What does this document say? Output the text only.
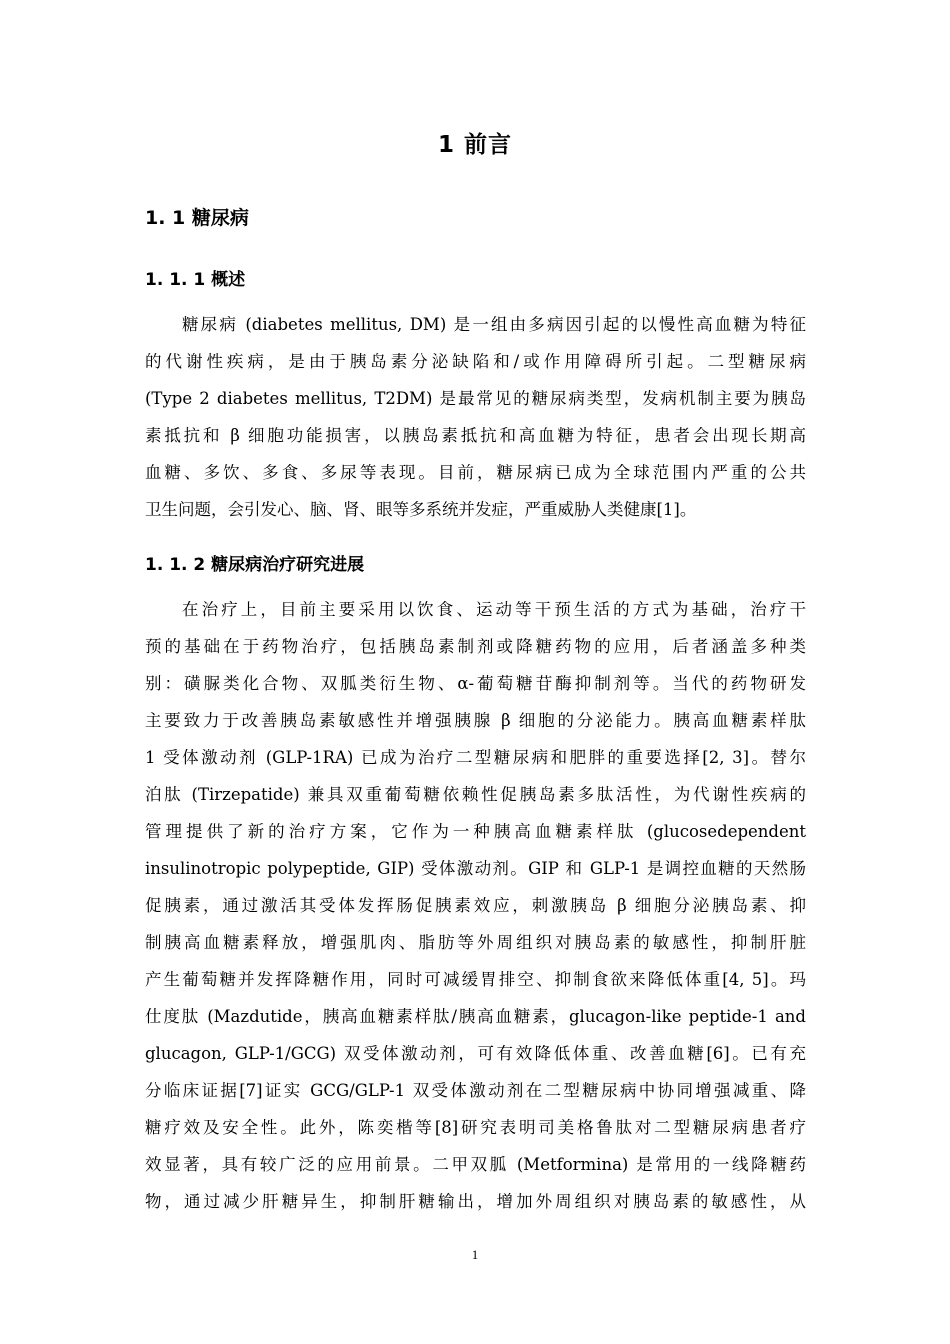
1 前言
1. 1 糖尿病
1. 1. 1 概述
糖尿病 (diabetes mellitus, DM) 是一组由多病因引起的以慢性高血糖为特征
的代谢性疾病，是由于胰岛素分泌缺陷和/或作用障碍所引起。二型糖尿病
(Type 2 diabetes mellitus, T2DM) 是最常见的糖尿病类型，发病机制主要为胰岛
素抵抗和 β 细胞功能损害，以胰岛素抵抗和高血糖为特征，患者会出现长期高
血糖、多饮、多食、多尿等表现。目前，糖尿病已成为全球范围内严重的公共
卫生问题，会引发心、脑、肾、眼等多系统并发症，严重威胁人类健康[1]。
1. 1. 2 糖尿病治疗研究进展
在治疗上，目前主要采用以饮食、运动等干预生活的方式为基础，治疗干
预的基础在于药物治疗，包括胰岛素制剂或降糖药物的应用，后者涵盖多种类
别：磺脲类化合物、双胍类衍生物、α-葡萄糖苷酶抑制剂等。当代的药物研发
主要致力于改善胰岛素敏感性并增强胰腺 β 细胞的分泌能力。胰高血糖素样肽
1 受体激动剂 (GLP-1RA) 已成为治疗二型糖尿病和肥胖的重要选择[2, 3]。替尔
泊肽 (Tirzepatide) 兼具双重葡萄糖依赖性促胰岛素多肽活性，为代谢性疾病的
管理提供了新的治疗方案，它作为一种胰高血糖素样肽 (glucosedependent
insulinotropic polypeptide, GIP) 受体激动剂。GIP 和 GLP-1 是调控血糖的天然肠
促胰素，通过激活其受体发挥肠促胰素效应，刺激胰岛 β 细胞分泌胰岛素、抑
制胰高血糖素释放，增强肌肉、脂肪等外周组织对胰岛素的敏感性，抑制肝脏
产生葡萄糖并发挥降糖作用，同时可减缓胃排空、抑制食欲来降低体重[4, 5]。玛
仕度肽 (Mazdutide，胰高血糖素样肽/胰高血糖素，glucagon-like peptide-1 and
glucagon, GLP-1/GCG) 双受体激动剂，可有效降低体重、改善血糖[6]。已有充
分临床证据[7]证实 GCG/GLP-1 双受体激动剂在二型糖尿病中协同增强减重、降
糖疗效及安全性。此外，陈奕楷等[8]研究表明司美格鲁肽对二型糖尿病患者疗
效显著，具有较广泛的应用前景。二甲双胍 (Metformina) 是常用的一线降糖药
物，通过减少肝糖异生，抑制肝糖输出，增加外周组织对胰岛素的敏感性，从
1
